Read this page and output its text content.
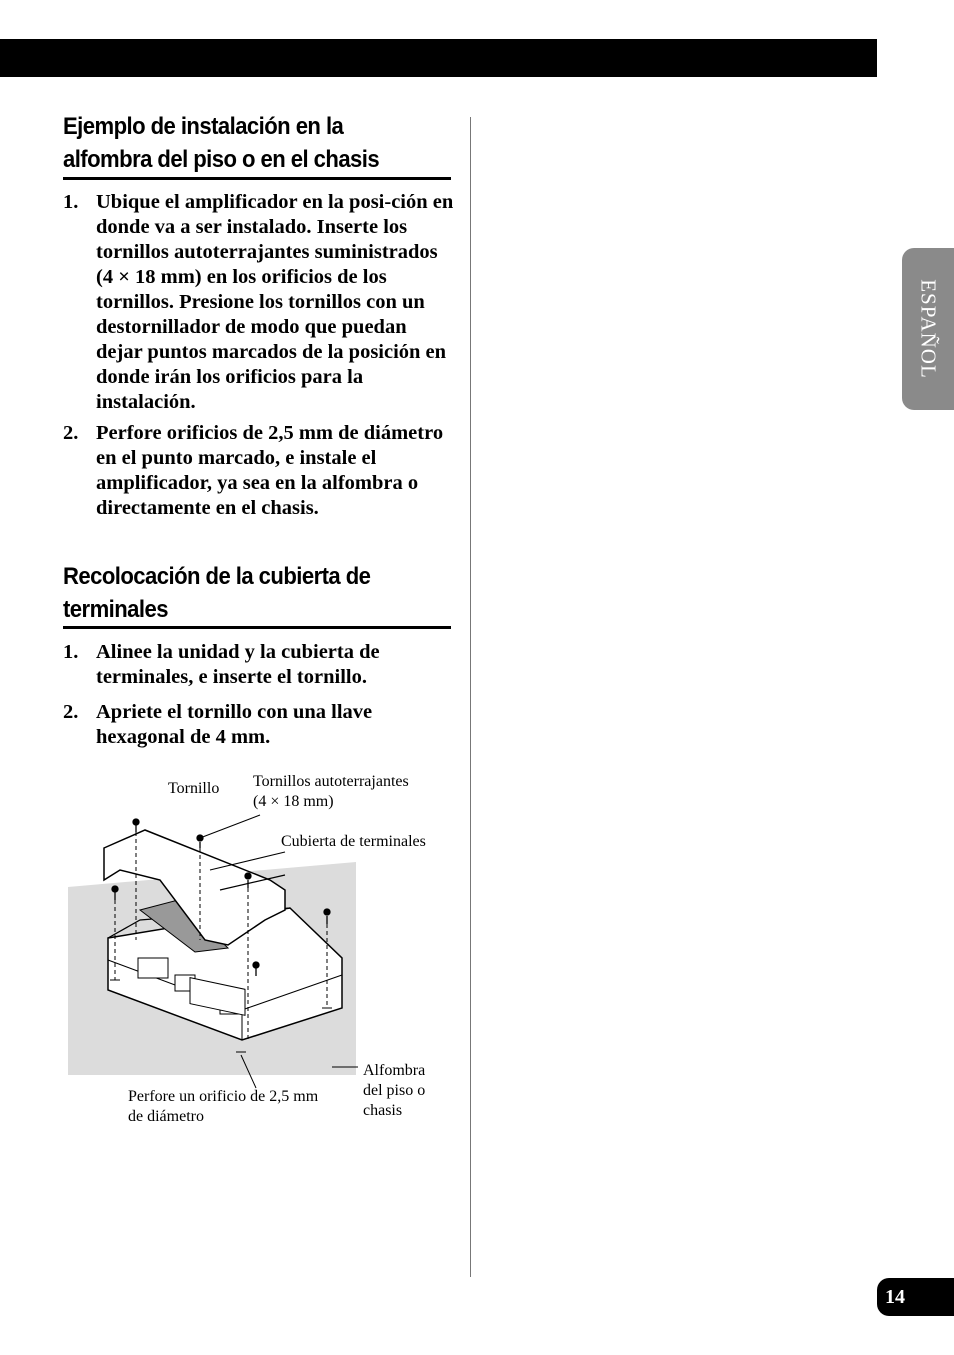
ESPAÑOL
14
Ejemplo de instalación en la
alfombra del piso o en el chasis
1. Ubique el amplificador en la posi-ción en donde va a ser instalado. Inserte los tornillos autoterrajantes suministrados (4 × 18 mm) en los orificios de los tornillos. Presione los tornillos con un destornillador de modo que puedan dejar puntos marcados de la posición en donde irán los orificios para la instalación.
2. Perfore orificios de 2,5 mm de diámetro en el punto marcado, e instale el amplificador, ya sea en la alfombra o directamente en el chasis.
Recolocación de la cubierta de
terminales
1. Alinee la unidad y la cubierta de terminales, e inserte el tornillo.
2. Apriete el tornillo con una llave hexagonal de 4 mm.
Tornillo Tornillos autoterrajantes
(4 × 18 mm)
Cubierta de terminales
Alfombra
del piso o
chasis
Perfore un orificio de 2,5 mm
de diámetro
